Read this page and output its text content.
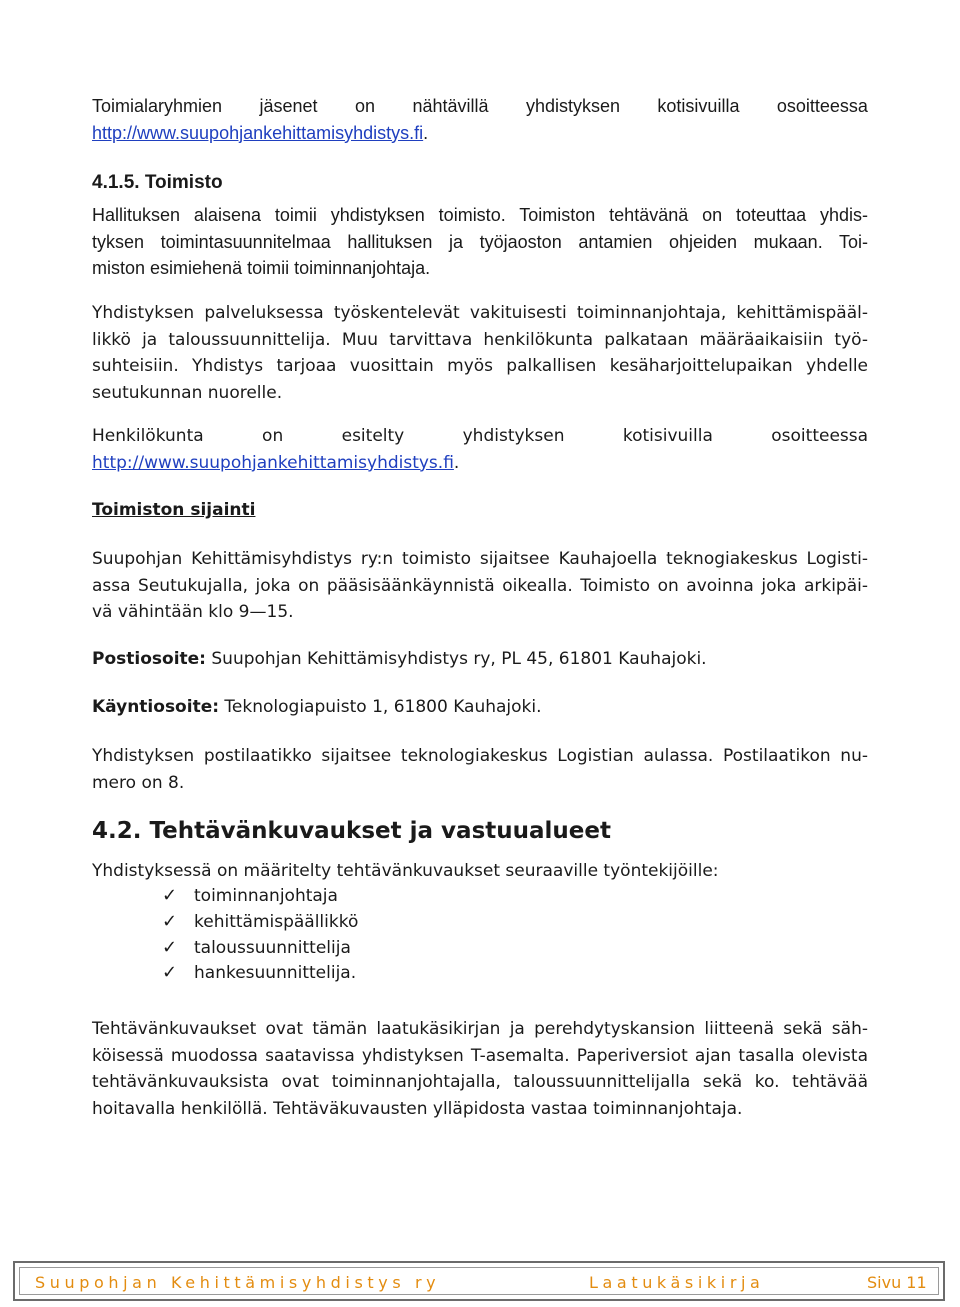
Toimialaryhmien jäsenet on nähtävillä yhdistyksen kotisivuilla osoitteessa
http://www.suupohjankehittamisyhdistys.fi.
4.1.5. Toimisto
Hallituksen alaisena toimii yhdistyksen toimisto. Toimiston tehtävänä on toteuttaa yhdis-
tyksen toimintasuunnitelmaa hallituksen ja työjaoston antamien ohjeiden mukaan. Toi-
miston esimiehenä toimii toiminnanjohtaja.
Yhdistyksen palveluksessa työskentelevät vakituisesti toiminnanjohtaja, kehittämispääl-
likkö ja taloussuunnittelija. Muu tarvittava henkilökunta palkataan määräaikaisiin työ-
suhteisiin. Yhdistys tarjoaa vuosittain myös palkallisen kesäharjoittelupaikan yhdelle
seutukunnan nuorelle.
Henkilökunta	on	esitelty	yhdistyksen	kotisivuilla	osoitteessa
http://www.suupohjankehittamisyhdistys.fi.
Toimiston sijainti
Suupohjan Kehittämisyhdistys ry:n toimisto sijaitsee Kauhajoella teknogiakeskus Logisti-
assa Seutukujalla, joka on pääsisäänkäynnistä oikealla. Toimisto on avoinna joka arkipäi-
vä vähintään klo 9—15.
Postiosoite: Suupohjan Kehittämisyhdistys ry, PL 45, 61801 Kauhajoki.
Käyntiosoite: Teknologiapuisto 1, 61800 Kauhajoki.
Yhdistyksen postilaatikko sijaitsee teknologiakeskus Logistian aulassa. Postilaatikon nu-
mero on 8.
4.2. Tehtävänkuvaukset ja vastuualueet
Yhdistyksessä on määritelty tehtävänkuvaukset seuraaville työntekijöille:
✓ toiminnanjohtaja
✓ kehittämispäällikkö
✓ taloussuunnittelija
✓ hankesuunnittelija.
Tehtävänkuvaukset ovat tämän laatukäsikirjan ja perehdytyskansion liitteenä sekä säh-
köisessä muodossa saatavissa yhdistyksen T-asemalta. Paperiversiot ajan tasalla olevista
tehtävänkuvauksista ovat toiminnanjohtajalla, taloussuunnittelijalla sekä ko. tehtävää
hoitavalla henkilöllä. Tehtäväkuvausten ylläpidosta vastaa toiminnanjohtaja.
Suupohjan Kehittämisyhdistys ry	Laatukäsikirja	Sivu 11
